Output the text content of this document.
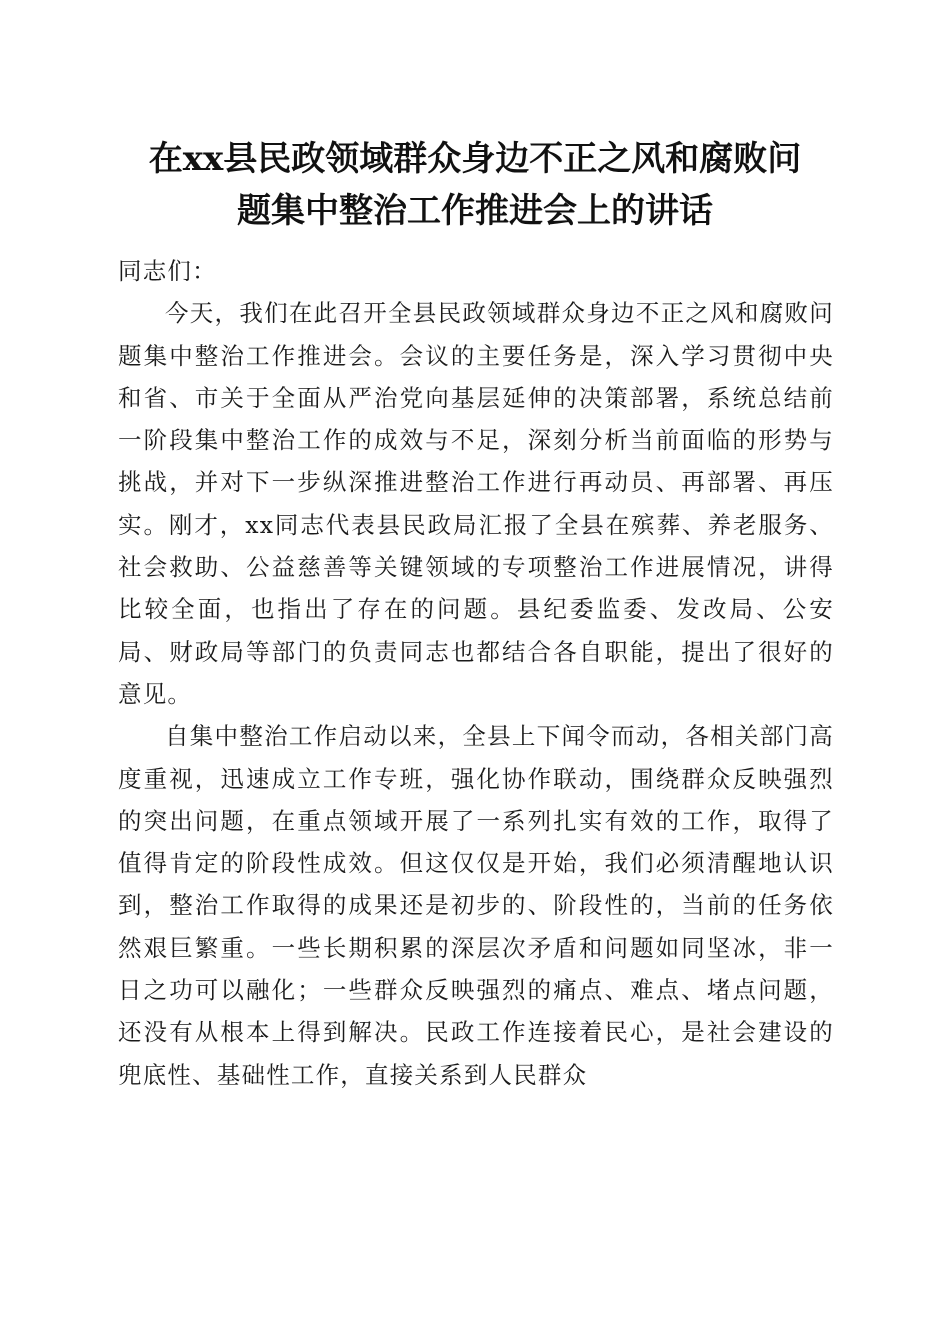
在xx县民政领域群众身边不正之风和腐败问
题集中整治工作推进会上的讲话

同志们：

今天，我们在此召开全县民政领域群众身边不正之风和腐败问题集中整治工作推进会。会议的主要任务是，深入学习贯彻中央和省、市关于全面从严治党向基层延伸的决策部署，系统总结前一阶段集中整治工作的成效与不足，深刻分析当前面临的形势与挑战，并对下一步纵深推进整治工作进行再动员、再部署、再压实。刚才，xx同志代表县民政局汇报了全县在殡葬、养老服务、社会救助、公益慈善等关键领域的专项整治工作进展情况，讲得比较全面，也指出了存在的问题。县纪委监委、发改局、公安局、财政局等部门的负责同志也都结合各自职能，提出了很好的意见。

自集中整治工作启动以来，全县上下闻令而动，各相关部门高度重视，迅速成立工作专班，强化协作联动，围绕群众反映强烈的突出问题，在重点领域开展了一系列扎实有效的工作，取得了值得肯定的阶段性成效。但这仅仅是开始，我们必须清醒地认识到，整治工作取得的成果还是初步的、阶段性的，当前的任务依然艰巨繁重。一些长期积累的深层次矛盾和问题如同坚冰，非一日之功可以融化；一些群众反映强烈的痛点、难点、堵点问题，还没有从根本上得到解决。民政工作连接着民心，是社会建设的兜底性、基础性工作，直接关系到人民群众
